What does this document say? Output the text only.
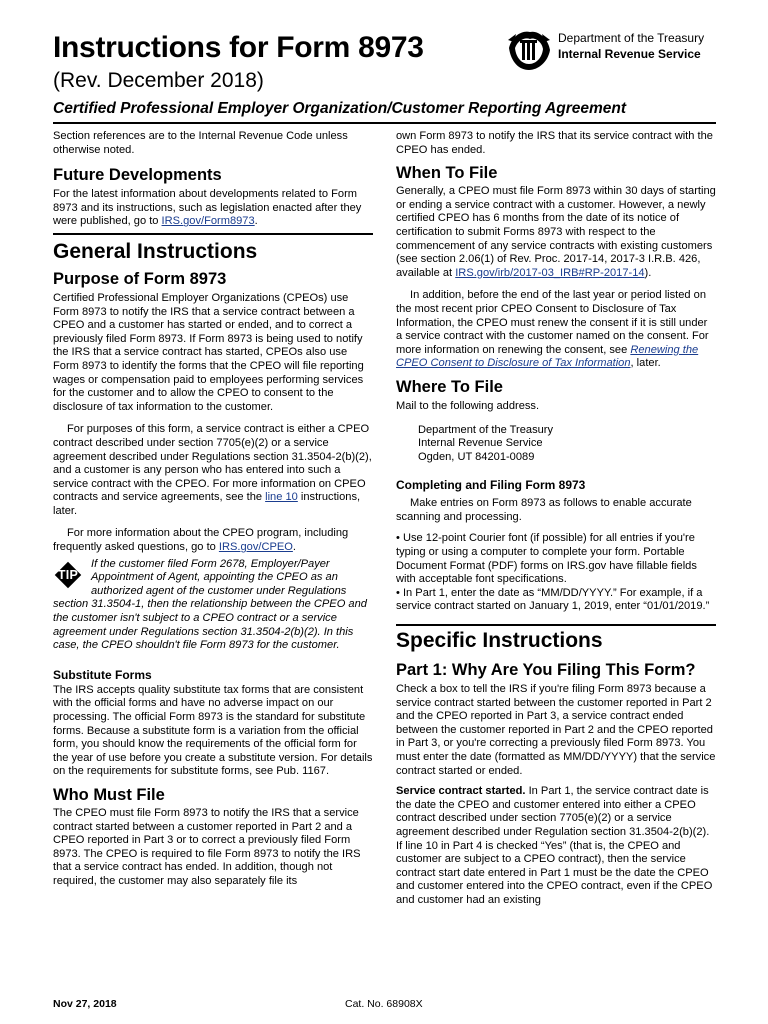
Instructions for Form 8973
(Rev. December 2018)
Certified Professional Employer Organization/Customer Reporting Agreement
Department of the Treasury
Internal Revenue Service

Section references are to the Internal Revenue Code unless otherwise noted.

Future Developments

For the latest information about developments related to Form 8973 and its instructions, such as legislation enacted after they were published, go to IRS.gov/Form8973.

General Instructions
Purpose of Form 8973

Certified Professional Employer Organizations (CPEOs) use Form 8973 to notify the IRS that a service contract between a CPEO and a customer has started or ended, and to correct a previously filed Form 8973. If Form 8973 is being used to notify the IRS that a service contract has started, CPEOs also use Form 8973 to identify the forms that the CPEO will file reporting wages or compensation paid to employees performing services for the customer and to allow the CPEO to consent to the disclosure of tax information to the customer.

For purposes of this form, a service contract is either a CPEO contract described under section 7705(e)(2) or a service agreement described under Regulations section 31.3504-2(b)(2), and a customer is any person who has entered into such a service contract with the CPEO. For more information on CPEO contracts and service agreements, see the line 10 instructions, later.

For more information about the CPEO program, including frequently asked questions, go to IRS.gov/CPEO.

TIP

If the customer filed Form 2678, Employer/Payer Appointment of Agent, appointing the CPEO as an authorized agent of the customer under Regulations

section 31.3504-1, then the relationship between the CPEO and the customer isn't subject to a CPEO contract or a service agreement under Regulations section 31.3504-2(b)(2). In this case, the CPEO shouldn't file Form 8973 for the customer.

Substitute Forms

The IRS accepts quality substitute tax forms that are consistent with the official forms and have no adverse impact on our processing. The official Form 8973 is the standard for substitute forms. Because a substitute form is a variation from the official form, you should know the requirements of the official form for the year of use before you create a substitute version. For details on the requirements for substitute forms, see Pub. 1167.

Who Must File

The CPEO must file Form 8973 to notify the IRS that a service contract started between a customer reported in Part 2 and a CPEO reported in Part 3 or to correct a previously filed Form 8973. The CPEO is required to file Form 8973 to notify the IRS that a service contract has ended. In addition, though not required, the customer may also separately file its

own Form 8973 to notify the IRS that its service contract with the CPEO has ended.

When To File

Generally, a CPEO must file Form 8973 within 30 days of starting or ending a service contract with a customer. However, a newly certified CPEO has 6 months from the date of its notice of certification to submit Forms 8973 with respect to the commencement of any service contracts with existing customers (see section 2.06(1) of Rev. Proc. 2017-14, 2017-3 I.R.B. 426, available at IRS.gov/irb/2017-03_IRB#RP-2017-14).

In addition, before the end of the last year or period listed on the most recent prior CPEO Consent to Disclosure of Tax Information, the CPEO must renew the consent if it is still under a service contract with the customer named on the consent. For more information on renewing the consent, see Renewing the CPEO Consent to Disclosure of Tax Information, later.

Where To File

Mail to the following address.

Department of the Treasury

Internal Revenue Service

Ogden, UT 84201-0089

Completing and Filing Form 8973

Make entries on Form 8973 as follows to enable accurate scanning and processing.

• Use 12-point Courier font (if possible) for all entries if you're typing or using a computer to complete your form. Portable Document Format (PDF) forms on IRS.gov have fillable fields with acceptable font specifications.

• In Part 1, enter the date as “MM/DD/YYYY.” For example, if a service contract started on January 1, 2019, enter “01/01/2019.”

Specific Instructions
Part 1: Why Are You Filing This Form?

Check a box to tell the IRS if you're filing Form 8973 because a service contract started between the customer reported in Part 2 and the CPEO reported in Part 3, a service contract ended between the customer reported in Part 2 and the CPEO reported in Part 3, or you're correcting a previously filed Form 8973. You must enter the date (formatted as MM/DD/YYYY) that the service contract started or ended.

Service contract started. In Part 1, the service contract date is the date the CPEO and customer entered into either a CPEO contract described under section 7705(e)(2) or a service agreement described under Regulation section 31.3504-2(b)(2). If line 10 in Part 4 is checked “Yes” (that is, the CPEO and customer are subject to a CPEO contract), then the service contract start date entered in Part 1 must be the date the CPEO and customer entered into the CPEO contract, even if the CPEO and customer had an existing

Nov 27, 2018	Cat. No. 68908X
